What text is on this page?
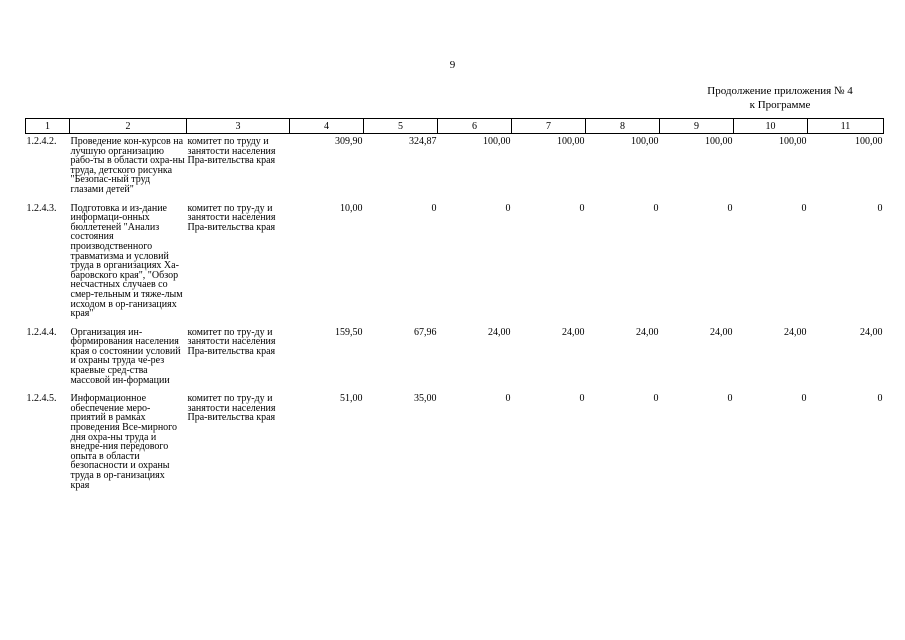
9
Продолжение приложения № 4
к Программе
1	2	3	4	5	6	7	8	9	10	11
1.2.4.2.	Проведение кон-курсов на лучшую организацию рабо-ты в области охра-ны труда, детского рисунка "Безопас-ный труд глазами детей"	комитет по труду и занятости населения Пра-вительства края	309,90	324,87	100,00	100,00	100,00	100,00	100,00	100,00
1.2.4.3.	Подготовка и из-дание информаци-онных бюллетеней "Анализ состояния производственного травматизма и условий труда в организациях Ха-баровского края", "Обзор несчастных случаев со смер-тельным и тяже-лым исходом в ор-ганизациях края"	комитет по тру-ду и занятости населения Пра-вительства края	10,00	0	0	0	0	0	0	0
1.2.4.4.	Организация ин-формирования населения края о состоянии условий и охраны труда че-рез краевые сред-ства массовой ин-формации	комитет по тру-ду и занятости населения Пра-вительства края	159,50	67,96	24,00	24,00	24,00	24,00	24,00	24,00
1.2.4.5.	Информационное обеспечение меро-приятий в рамках проведения Все-мирного дня охра-ны труда и внедре-ния передового опыта в области безопасности и охраны труда в ор-ганизациях края	комитет по тру-ду и занятости населения Пра-вительства края	51,00	35,00	0	0	0	0	0	0
